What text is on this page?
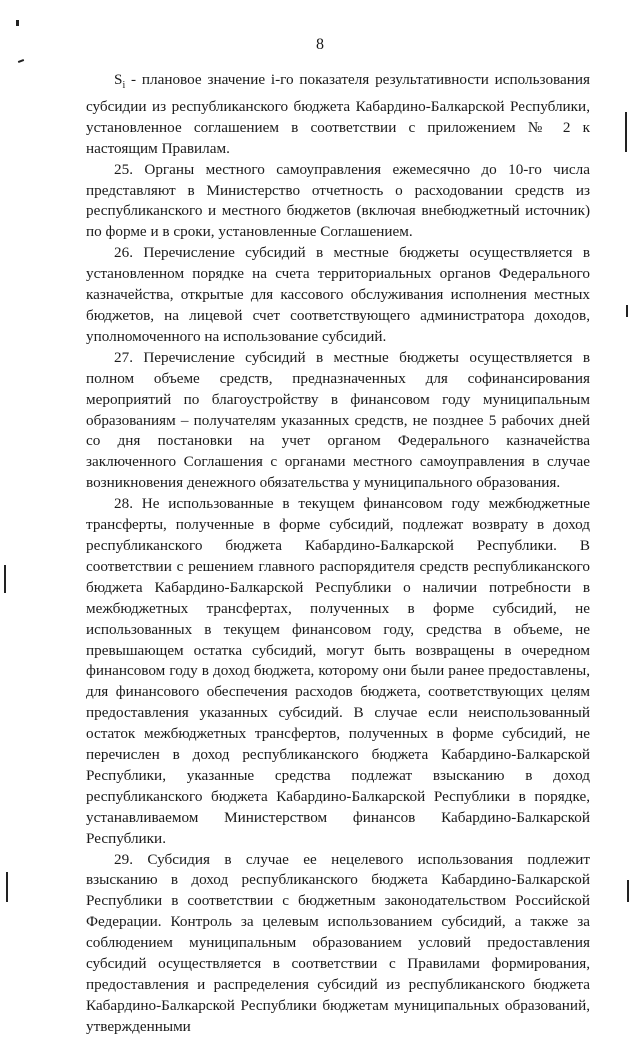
8

$S_i$ - плановое значение i-го показателя результативности использования субсидии из республиканского бюджета Кабардино-Балкарской Республики, установленное соглашением в соответствии с приложением № 2 к настоящим Правилам.

25. Органы местного самоуправления ежемесячно до 10-го числа представляют в Министерство отчетность о расходовании средств из республиканского и местного бюджетов (включая внебюджетный источник) по форме и в сроки, установленные Соглашением.

26. Перечисление субсидий в местные бюджеты осуществляется в установленном порядке на счета территориальных органов Федерального казначейства, открытые для кассового обслуживания исполнения местных бюджетов, на лицевой счет соответствующего администратора доходов, уполномоченного на использование субсидий.

27. Перечисление субсидий в местные бюджеты осуществляется в полном объеме средств, предназначенных для софинансирования мероприятий по благоустройству в финансовом году муниципальным образованиям – получателям указанных средств, не позднее 5 рабочих дней со дня постановки на учет органом Федерального казначейства заключенного Соглашения с органами местного самоуправления в случае возникновения денежного обязательства у муниципального образования.

28. Не использованные в текущем финансовом году межбюджетные трансферты, полученные в форме субсидий, подлежат возврату в доход республиканского бюджета Кабардино-Балкарской Республики. В соответствии с решением главного распорядителя средств республиканского бюджета Кабардино-Балкарской Республики о наличии потребности в межбюджетных трансфертах, полученных в форме субсидий, не использованных в текущем финансовом году, средства в объеме, не превышающем остатка субсидий, могут быть возвращены в очередном финансовом году в доход бюджета, которому они были ранее предоставлены, для финансового обеспечения расходов бюджета, соответствующих целям предоставления указанных субсидий. В случае если неиспользованный остаток межбюджетных трансфертов, полученных в форме субсидий, не перечислен в доход республиканского бюджета Кабардино-Балкарской Республики, указанные средства подлежат взысканию в доход республиканского бюджета Кабардино-Балкарской Республики в порядке, устанавливаемом Министерством финансов Кабардино-Балкарской Республики.

29. Субсидия в случае ее нецелевого использования подлежит взысканию в доход республиканского бюджета Кабардино-Балкарской Республики в соответствии с бюджетным законодательством Российской Федерации. Контроль за целевым использованием субсидий, а также за соблюдением муниципальным образованием условий предоставления субсидий осуществляется в соответствии с Правилами формирования, предоставления и распределения субсидий из республиканского бюджета Кабардино-Балкарской Республики бюджетам муниципальных образований, утвержденными
